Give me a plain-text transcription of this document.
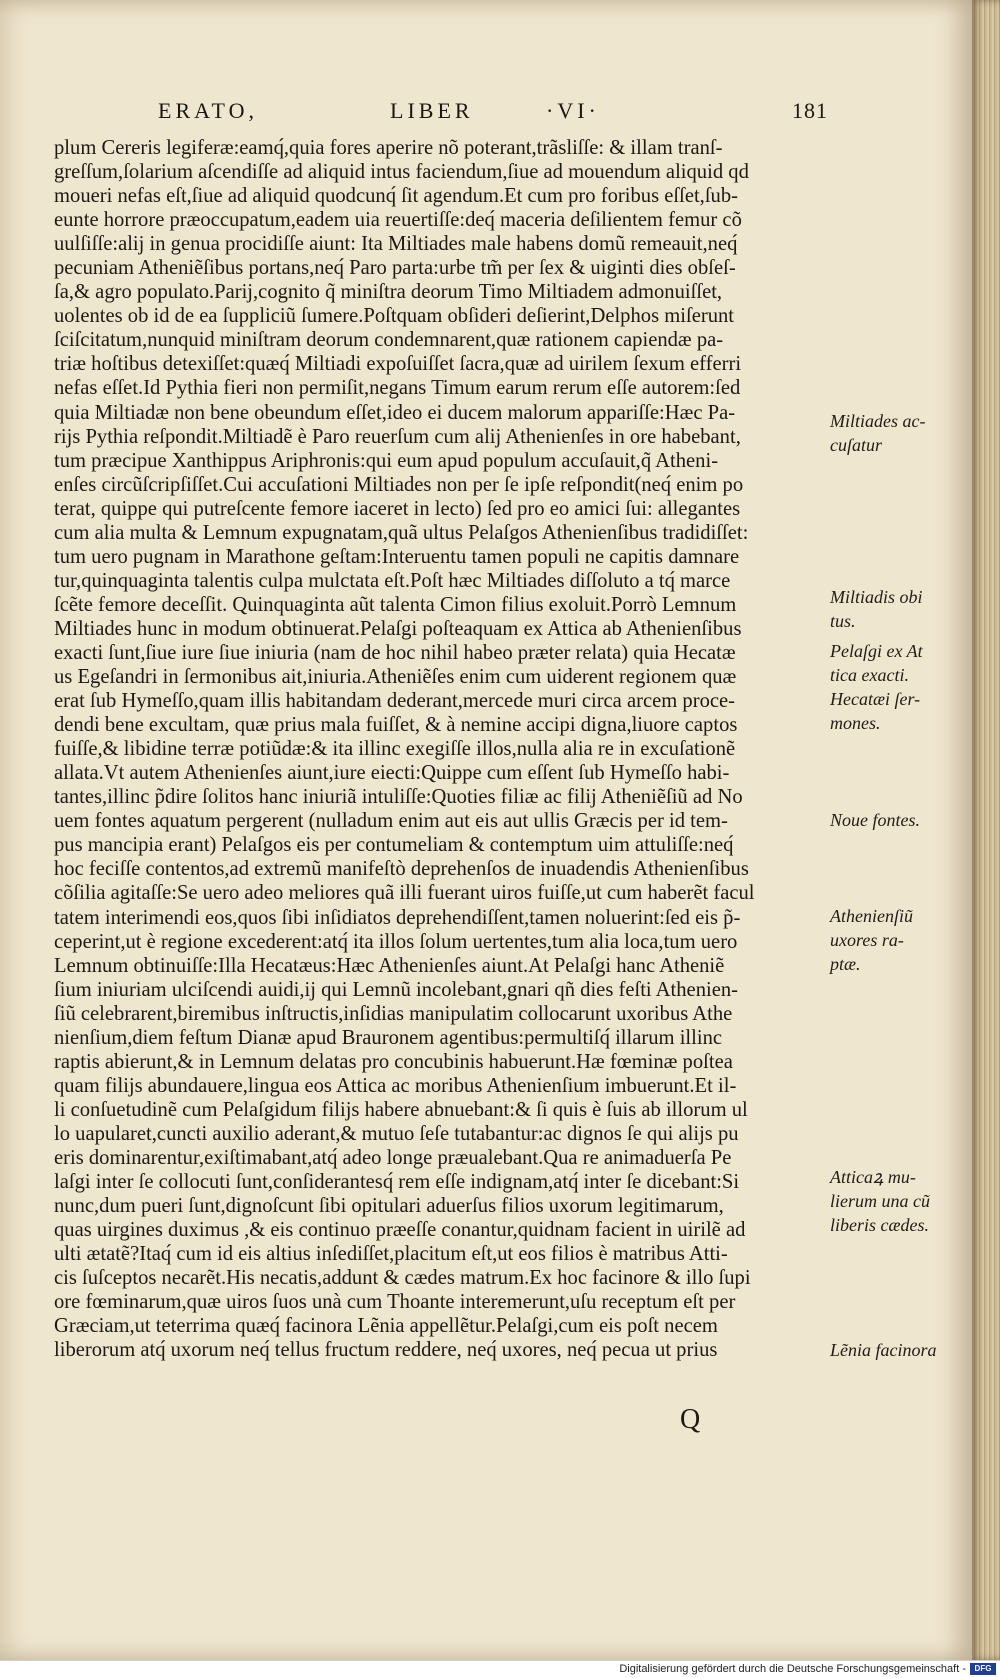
ERATO,	LIBER	·VI·	181
plum Cereris legiferæ:eamq́,quia fores aperire nõ poterant,trãsliſſe: & illam tranſ-
greſſum,ſolarium aſcendiſſe ad aliquid intus faciendum,ſiue ad mouendum aliquid qd
moueri nefas eſt,ſiue ad aliquid quodcunq́ ſit agendum.Et cum pro foribus eſſet,ſub-
eunte horrore præoccupatum,eadem uia reuertiſſe:deq́ maceria deſilientem femur cõ
uulſiſſe:alij in genua procidiſſe aiunt: Ita Miltiades male habens domũ remeauit,neq́
pecuniam Atheniẽſibus portans,neq́ Paro parta:urbe tm̃ per ſex & uiginti dies obſeſ-
ſa,& agro populato.Parij,cognito q̃ miniſtra deorum Timo Miltiadem admonuiſſet,
uolentes ob id de ea ſuppliciũ ſumere.Poſtquam obſideri deſierint,Delphos miſerunt
ſciſcitatum,nunquid miniſtram deorum condemnarent,quæ rationem capiendæ pa-
triæ hoſtibus detexiſſet:quæq́ Miltiadi expoſuiſſet ſacra,quæ ad uirilem ſexum efferri
nefas eſſet.Id Pythia fieri non permiſit,negans Timum earum rerum eſſe autorem:ſed
quia Miltiadæ non bene obeundum eſſet,ideo ei ducem malorum appariſſe:Hæc Pa-
rijs Pythia reſpondit.Miltiadẽ è Paro reuerſum cum alij Athenienſes in ore habebant,
tum præcipue Xanthippus Ariphronis:qui eum apud populum accuſauit,q̃ Atheni-
enſes circũſcripſiſſet.Cui accuſationi Miltiades non per ſe ipſe reſpondit(neq́ enim po
terat, quippe qui putreſcente femore iaceret in lecto) ſed pro eo amici ſui: allegantes
cum alia multa & Lemnum expugnatam,quã ultus Pelaſgos Athenienſibus tradidiſſet:
tum uero pugnam in Marathone geſtam:Interuentu tamen populi ne capitis damnare
tur,quinquaginta talentis culpa mulctata eſt.Poſt hæc Miltiades diſſoluto a tq́ marce
ſcẽte femore deceſſit. Quinquaginta aũt talenta Cimon filius exoluit.Porrò Lemnum
Miltiades hunc in modum obtinuerat.Pelaſgi poſteaquam ex Attica ab Athenienſibus
exacti ſunt,ſiue iure ſiue iniuria (nam de hoc nihil habeo præter relata) quia Hecatæ
us Egeſandri in ſermonibus ait,iniuria.Atheniẽſes enim cum uiderent regionem quæ
erat ſub Hymeſſo,quam illis habitandam dederant,mercede muri circa arcem proce-
dendi bene excultam, quæ prius mala fuiſſet, & à nemine accipi digna,liuore captos
fuiſſe,& libidine terræ potiũdæ:& ita illinc exegiſſe illos,nulla alia re in excuſationẽ
allata.Vt autem Athenienſes aiunt,iure eiecti:Quippe cum eſſent ſub Hymeſſo habi-
tantes,illinc p̃dire ſolitos hanc iniuriã intuliſſe:Quoties filiæ ac filij Atheniẽſiũ ad No
uem fontes aquatum pergerent (nulladum enim aut eis aut ullis Græcis per id tem-
pus mancipia erant) Pelaſgos eis per contumeliam & contemptum uim attuliſſe:neq́
hoc feciſſe contentos,ad extremũ manifeſtò deprehenſos de inuadendis Athenienſibus
cõſilia agitaſſe:Se uero adeo meliores quã illi fuerant uiros fuiſſe,ut cum haberẽt facul
tatem interimendi eos,quos ſibi inſidiatos deprehendiſſent,tamen noluerint:ſed eis p̃-
ceperint,ut è regione excederent:atq́ ita illos ſolum uertentes,tum alia loca,tum uero
Lemnum obtinuiſſe:Illa Hecatæus:Hæc Athenienſes aiunt.At Pelaſgi hanc Atheniẽ
ſium iniuriam ulciſcendi auidi,ij qui Lemnũ incolebant,gnari qñ dies feſti Athenien-
ſiũ celebrarent,biremibus inſtructis,inſidias manipulatim collocarunt uxoribus Athe
nienſium,diem feſtum Dianæ apud Brauronem agentibus:permultiſq́ illarum illinc
raptis abierunt,& in Lemnum delatas pro concubinis habuerunt.Hæ fœminæ poſtea
quam filijs abundauere,lingua eos Attica ac moribus Athenienſium imbuerunt.Et il-
li conſuetudinẽ cum Pelaſgidum filijs habere abnuebant:& ſi quis è ſuis ab illorum ul
lo uapularet,cuncti auxilio aderant,& mutuo ſeſe tutabantur:ac dignos ſe qui alijs pu
eris dominarentur,exiſtimabant,atq́ adeo longe præualebant.Qua re animaduerſa Pe
laſgi inter ſe collocuti ſunt,conſiderantesq́ rem eſſe indignam,atq́ inter ſe dicebant:Si
nunc,dum pueri ſunt,dignoſcunt ſibi opitulari aduerſus filios uxorum legitimarum,
quas uirgines duximus ,& eis continuo præeſſe conantur,quidnam facient in uirilẽ ad
ulti ætatẽ?Itaq́ cum id eis altius inſediſſet,placitum eſt,ut eos filios è matribus Atti-
cis ſuſceptos necarẽt.His necatis,addunt & cædes matrum.Ex hoc facinore & illo ſupi
ore fœminarum,quæ uiros ſuos unà cum Thoante interemerunt,uſu receptum eſt per
Græciam,ut teterrima quæq́ facinora Lẽnia appellẽtur.Pelaſgi,cum eis poſt necem
liberorum atq́ uxorum neq́ tellus fructum reddere, neq́ uxores, neq́ pecua ut prius
Miltiades ac-
cuſatur
Miltiadis obi
tus.
Pelaſgi ex At
tica exacti.
Hecatæi ſer-
mones.
Noue fontes.
Athenienſiũ
uxores ra-
ptæ.
Atticaꝝ mu-
lierum una cũ
liberis cædes.
Lẽnia facinora
Q
Digitalisierung gefördert durch die Deutsche Forschungsgemeinschaft -	DFG
